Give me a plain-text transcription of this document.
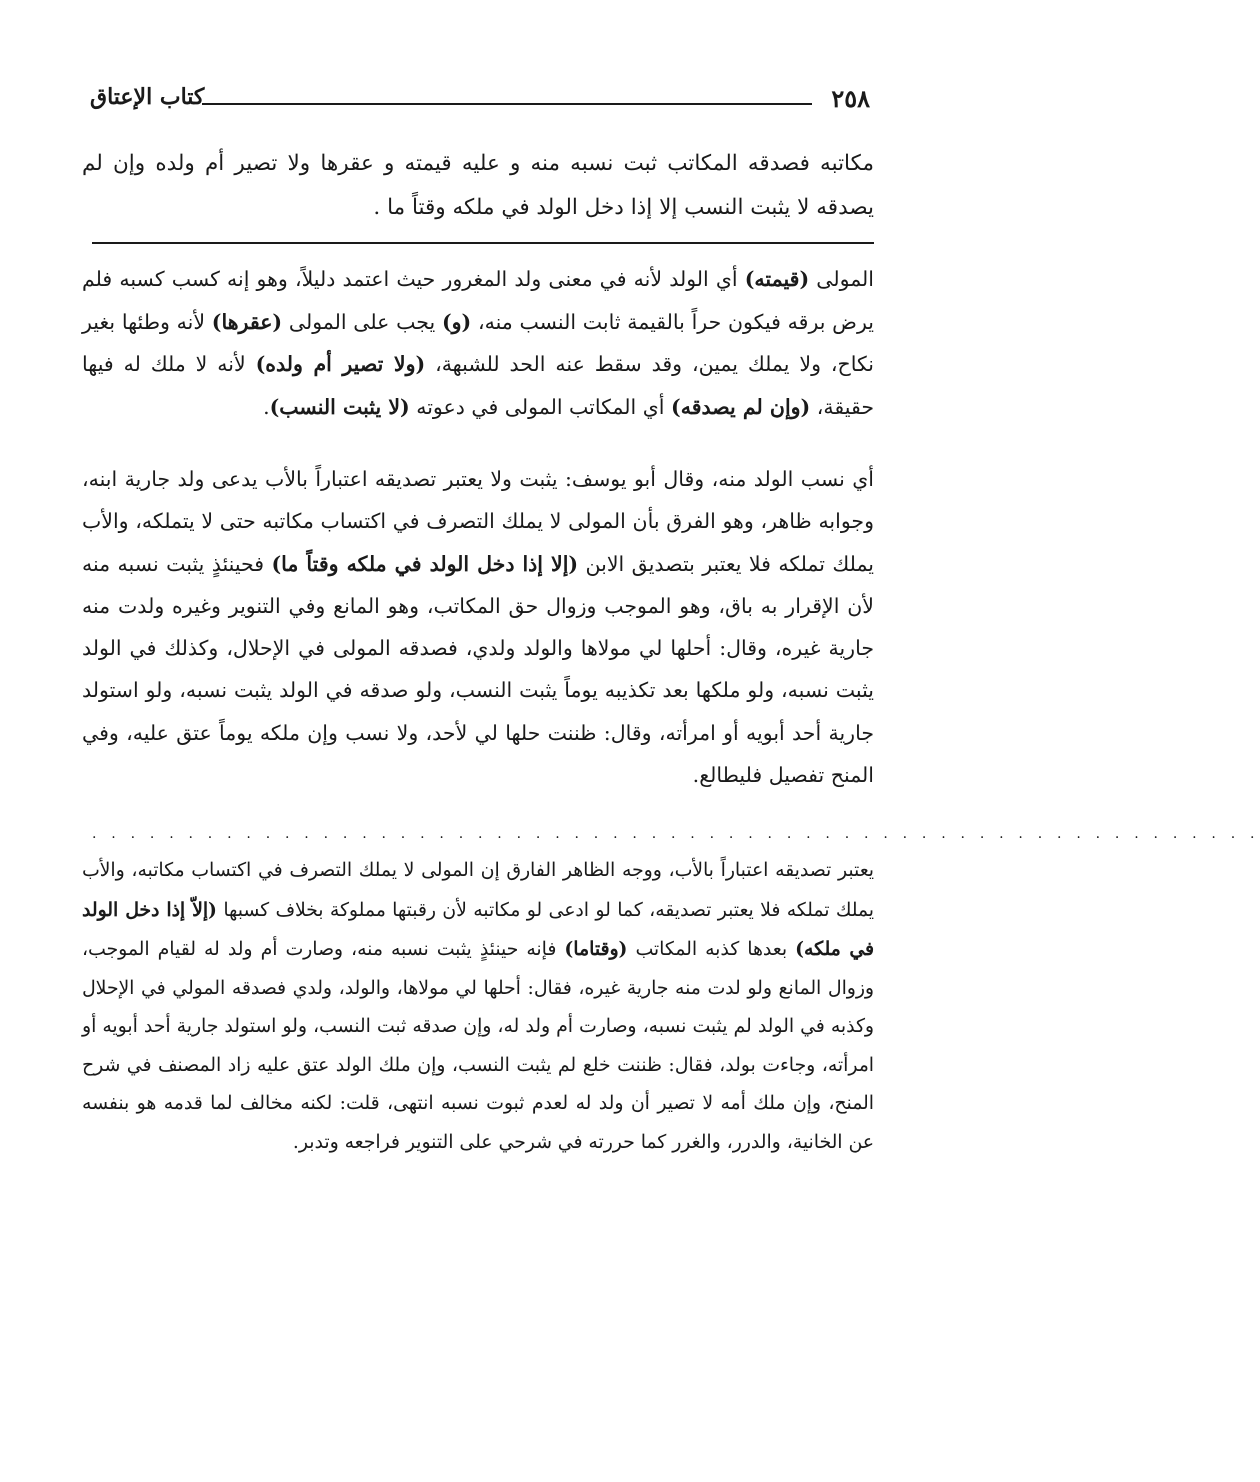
٢٥٨
كتاب الإعتاق

مكاتبه فصدقه المكاتب ثبت نسبه منه و عليه قيمته و عقرها ولا تصير أم ولده وإن لم يصدقه لا يثبت النسب إلا إذا دخل الولد في ملكه وقتاً ما .

المولى (قيمته) أي الولد لأنه في معنى ولد المغرور حيث اعتمد دليلاً، وهو إنه كسب كسبه فلم يرض برقه فيكون حراً بالقيمة ثابت النسب منه، (و) يجب على المولى (عقرها) لأنه وطئها بغير نكاح، ولا يملك يمين، وقد سقط عنه الحد للشبهة، (ولا تصير أم ولده) لأنه لا ملك له فيها حقيقة، (وإن لم يصدقه) أي المكاتب المولى في دعوته (لا يثبت النسب).

أي نسب الولد منه، وقال أبو يوسف: يثبت ولا يعتبر تصديقه اعتباراً بالأب يدعى ولد جارية ابنه، وجوابه ظاهر، وهو الفرق بأن المولى لا يملك التصرف في اكتساب مكاتبه حتى لا يتملكه، والأب يملك تملكه فلا يعتبر بتصديق الابن (إلا إذا دخل الولد في ملكه وقتاً ما) فحينئذٍ يثبت نسبه منه لأن الإقرار به باق، وهو الموجب وزوال حق المكاتب، وهو المانع وفي التنوير وغيره ولدت منه جارية غيره، وقال: أحلها لي مولاها والولد ولدي، فصدقه المولى في الإحلال، وكذلك في الولد يثبت نسبه، ولو ملكها بعد تكذيبه يوماً يثبت النسب، ولو صدقه في الولد يثبت نسبه، ولو استولد جارية أحد أبويه أو امرأته، وقال: ظننت حلها لي لأحد، ولا نسب وإن ملكه يوماً عتق عليه، وفي المنح تفصيل فليطالع.

. . . . . . . . . . . . . . . . . . . . . . . . . . . . . . . . . . . . . . . . . . . . . . . . . . . . . . . . . . . . .

يعتبر تصديقه اعتباراً بالأب، ووجه الظاهر الفارق إن المولى لا يملك التصرف في اكتساب مكاتبه، والأب يملك تملكه فلا يعتبر تصديقه، كما لو ادعى لو مكاتبه لأن رقبتها مملوكة بخلاف كسبها (إلاّ إذا دخل الولد في ملكه) بعدها كذبه المكاتب (وقتاما) فإنه حينئذٍ يثبت نسبه منه، وصارت أم ولد له لقيام الموجب، وزوال المانع ولو لدت منه جارية غيره، فقال: أحلها لي مولاها، والولد، ولدي فصدقه المولي في الإحلال وكذبه في الولد لم يثبت نسبه، وصارت أم ولد له، وإن صدقه ثبت النسب، ولو استولد جارية أحد أبويه أو امرأته، وجاءت بولد، فقال: ظننت خلع لم يثبت النسب، وإن ملك الولد عتق عليه زاد المصنف في شرح المنح، وإن ملك أمه لا تصير أن ولد له لعدم ثبوت نسبه انتهى، قلت: لكنه مخالف لما قدمه هو بنفسه عن الخانية، والدرر، والغرر كما حررته في شرحي على التنوير فراجعه وتدبر.
